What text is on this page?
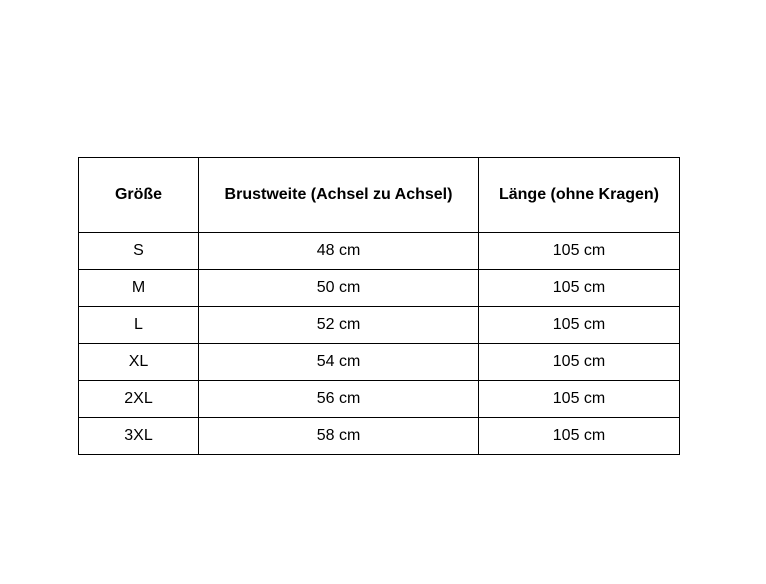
Größe	Brustweite (Achsel zu Achsel)	Länge (ohne Kragen)
S	48 cm	105 cm
M	50 cm	105 cm
L	52 cm	105 cm
XL	54 cm	105 cm
2XL	56 cm	105 cm
3XL	58 cm	105 cm
